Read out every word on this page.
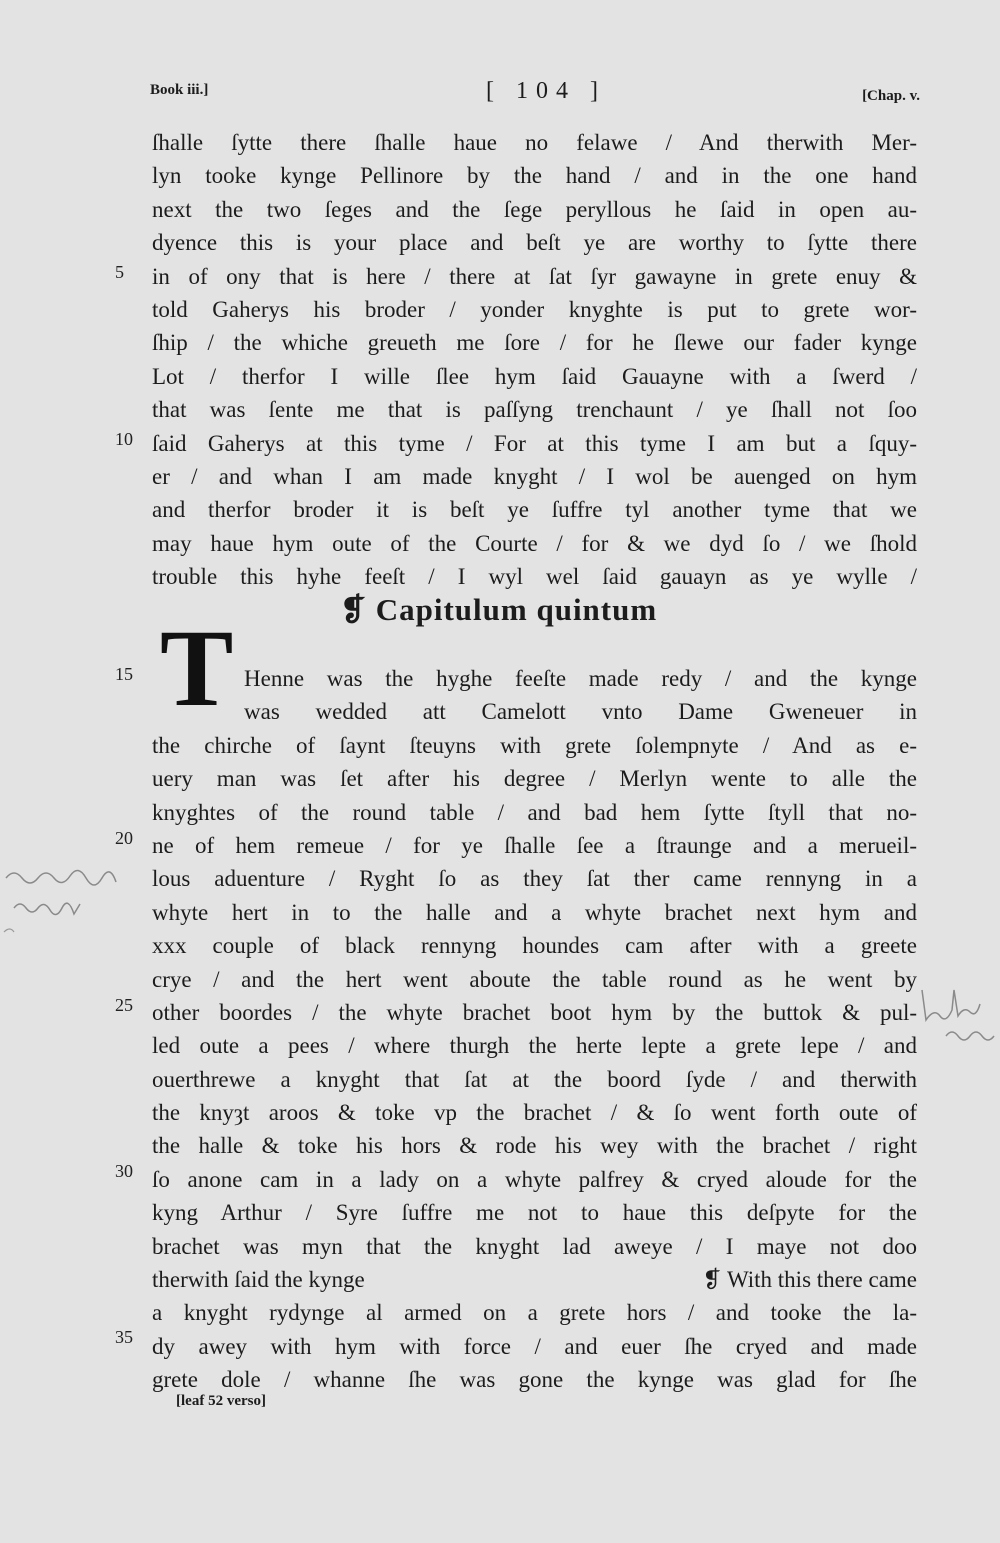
Book iii.]	[ 104 ]	[Chap. v.
5
10
15
20
25
30
35
ſhalle ſytte there ſhalle haue no felawe / And therwith Mer-
lyn tooke kynge Pellinore by the hand / and in the one hand
next the two ſeges and the ſege peryllous he ſaid in open au-
dyence this is your place and beſt ye are worthy to ſytte there
in of ony that is here / there at ſat ſyr gawayne in grete enuy &
told Gaherys his broder / yonder knyghte is put to grete wor-
ſhip / the whiche greueth me ſore / for he ſlewe our fader kynge
Lot / therfor I wille ſlee hym ſaid Gauayne with a ſwerd /
that was ſente me that is paſſyng trenchaunt / ye ſhall not ſoo
ſaid Gaherys at this tyme / For at this tyme I am but a ſquy-
er / and whan I am made knyght / I wol be auenged on hym
and therfor broder it is beſt ye ſuffre tyl another tyme that we
may haue hym oute of the Courte / for & we dyd ſo / we ſhold
trouble this hyhe feeſt / I wyl wel ſaid gauayn as ye wylle /
❡ Capitulum quintum
T Henne was the hyghe feeſte made redy / and the kynge
was wedded att Camelott vnto Dame Gweneuer in
the chirche of ſaynt ſteuyns with grete ſolempnyte / And as e-
uery man was ſet after his degree / Merlyn wente to alle the
knyghtes of the round table / and bad hem ſytte ſtyll that no-
ne of hem remeue / for ye ſhalle ſee a ſtraunge and a merueil-
lous aduenture / Ryght ſo as they ſat ther came rennyng in a
whyte hert in to the halle and a whyte brachet next hym and
xxx couple of black rennyng houndes cam after with a greete
crye / and the hert went aboute the table round as he went by
other boordes / the whyte brachet boot hym by the buttok & pul-
led oute a pees / where thurgh the herte lepte a grete lepe / and
ouerthrewe a knyght that ſat at the boord ſyde / and therwith
the knyȝt aroos & toke vp the brachet / & ſo went forth oute of
the halle & toke his hors & rode his wey with the brachet / right
ſo anone cam in a lady on a whyte palfrey & cryed aloude for the
kyng Arthur / Syre ſuffre me not to haue this deſpyte for the
brachet was myn that the knyght lad aweye / I maye not doo
therwith ſaid the kynge	❡ With this there came
a knyght rydynge al armed on a grete hors / and tooke the la-
dy awey with hym with force / and euer ſhe cryed and made
grete dole / whanne ſhe was gone the kynge was glad for ſhe
[leaf 52 verso]
